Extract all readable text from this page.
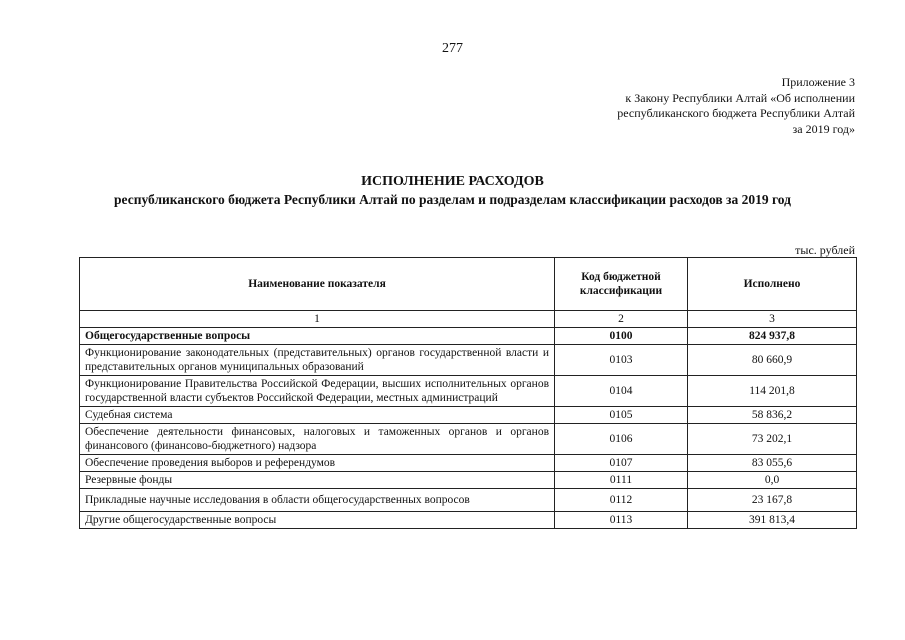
277
Приложение 3
к Закону Республики Алтай «Об исполнении
республиканского бюджета Республики Алтай
за 2019 год»
ИСПОЛНЕНИЕ РАСХОДОВ
республиканского бюджета Республики Алтай по разделам и подразделам классификации расходов за 2019 год
тыс. рублей
Наименование показателя	Код бюджетной классификации	Исполнено
1	2	3
Общегосударственные вопросы	0100	824 937,8
Функционирование законодательных (представительных) органов государственной власти и представительных органов муниципальных образований	0103	80 660,9
Функционирование Правительства Российской Федерации, высших исполнительных органов государственной власти субъектов Российской Федерации, местных администраций	0104	114 201,8
Судебная система	0105	58 836,2
Обеспечение деятельности финансовых, налоговых и таможенных органов и органов финансового (финансово-бюджетного) надзора	0106	73 202,1
Обеспечение проведения выборов и референдумов	0107	83 055,6
Резервные фонды	0111	0,0
Прикладные научные исследования в области общегосударственных вопросов	0112	23 167,8
Другие общегосударственные вопросы	0113	391 813,4
